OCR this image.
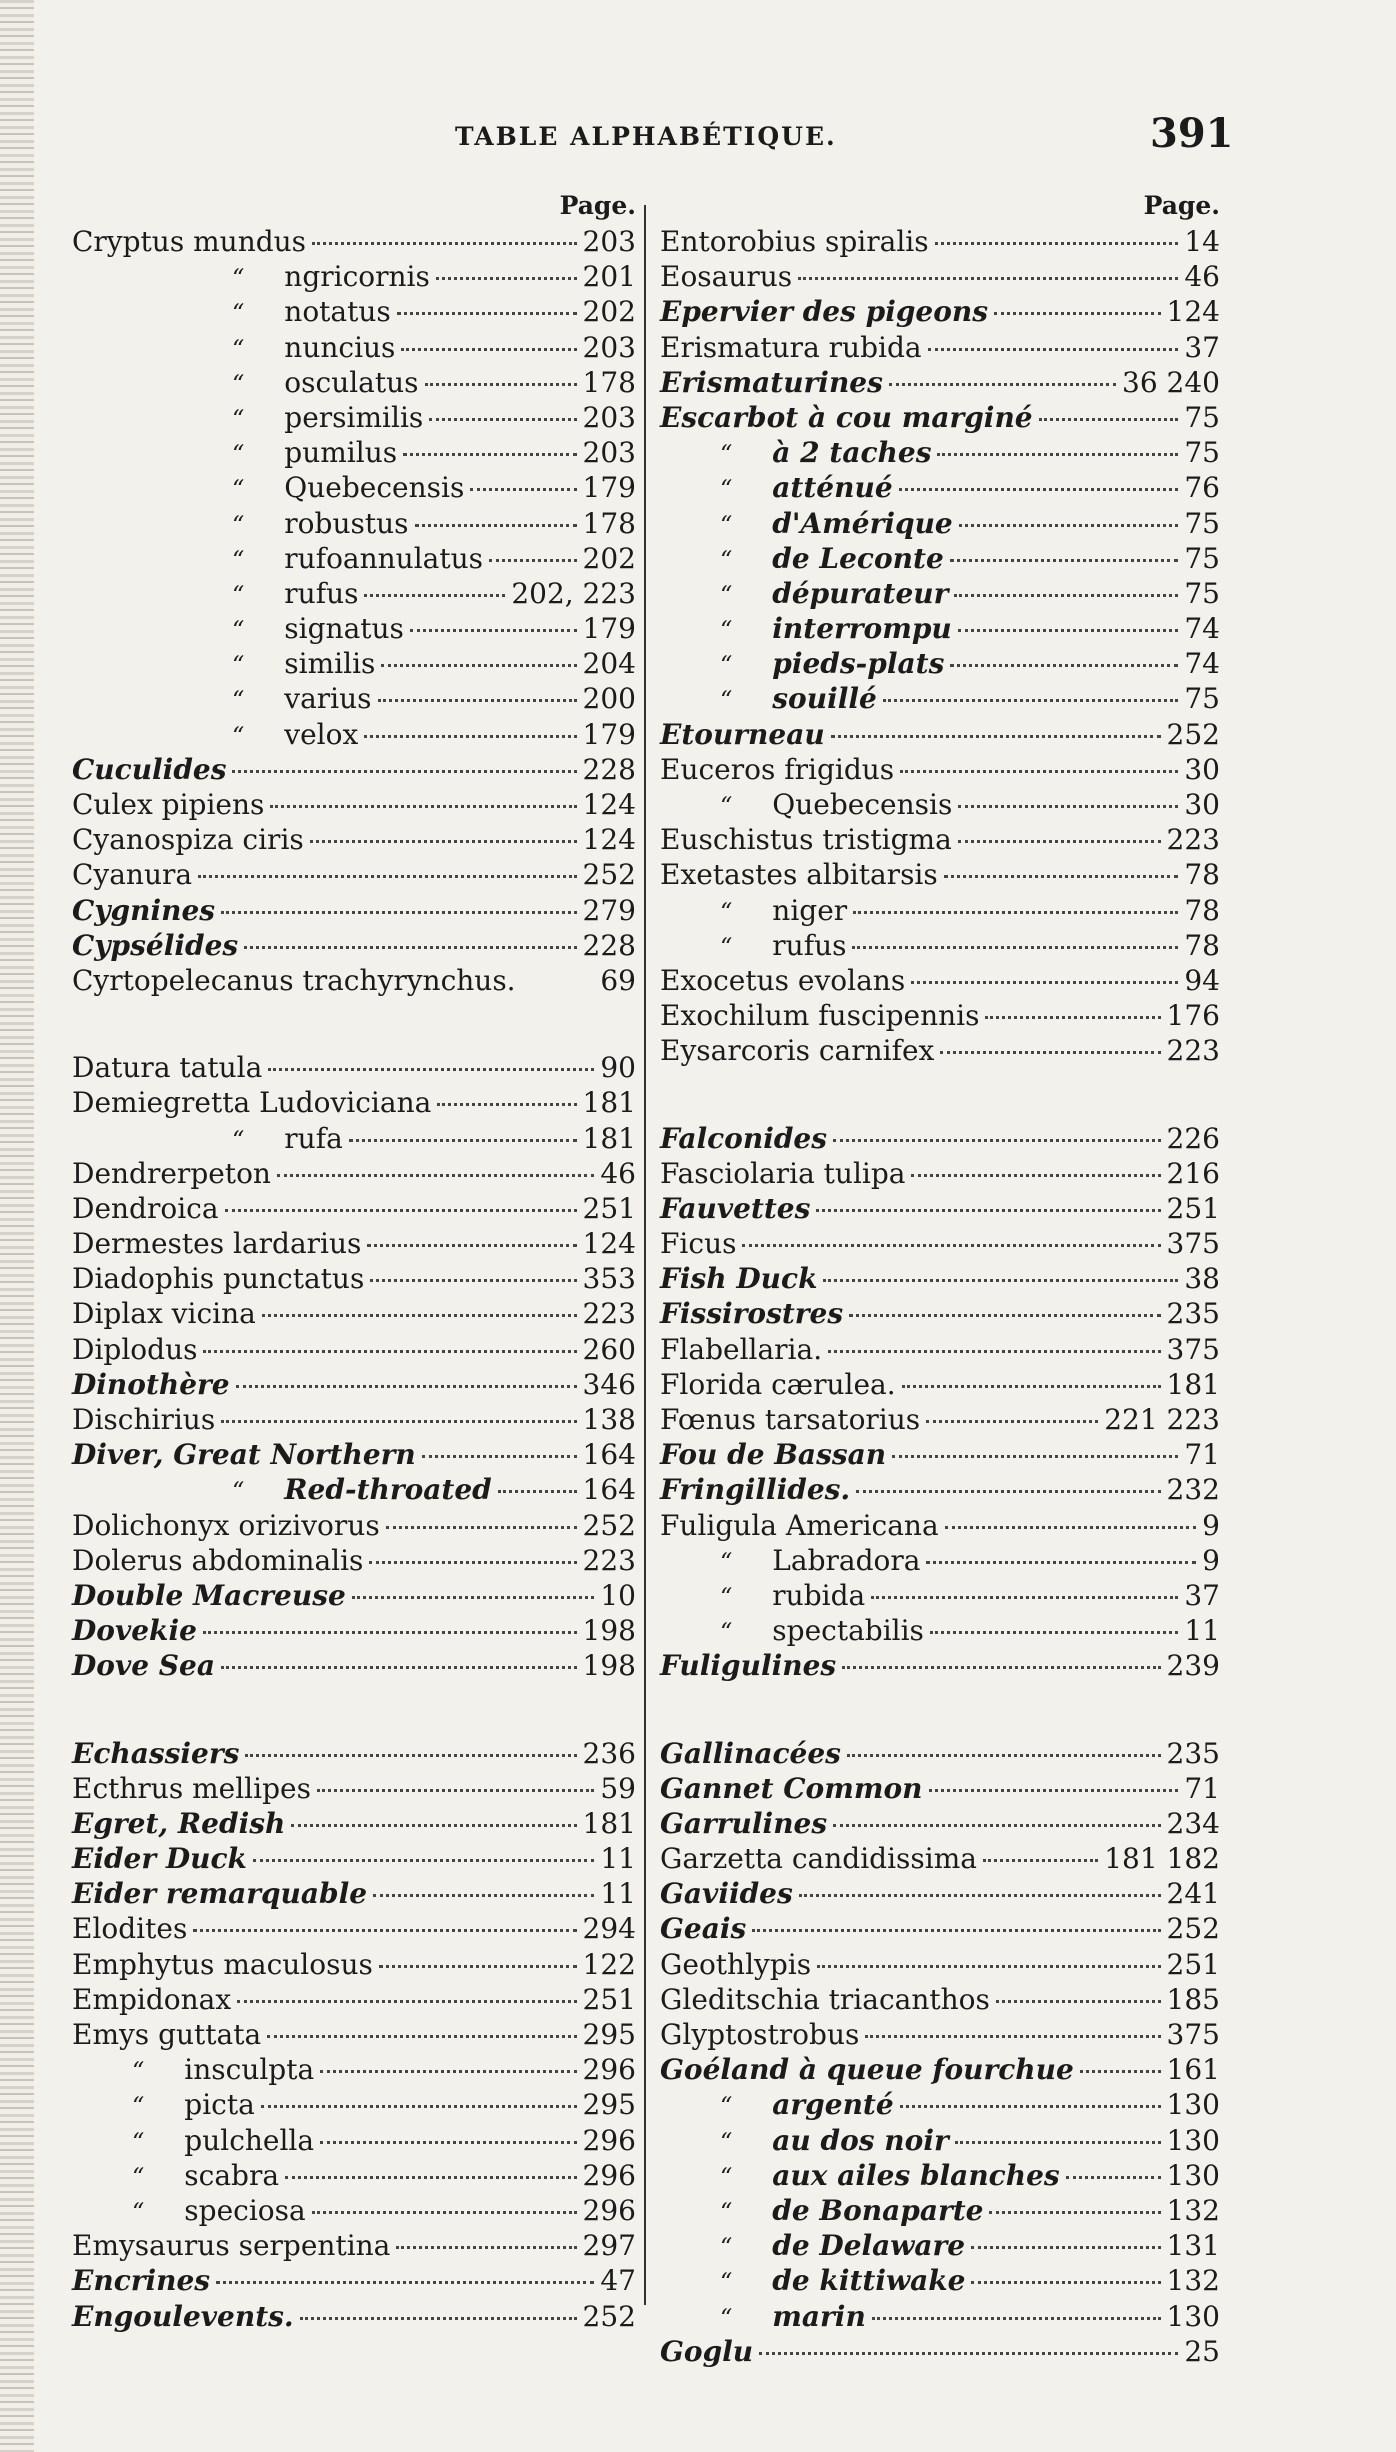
TABLE ALPHABÉTIQUE.	391
Page.
Cryptus mundus	203
“ ngricornis	201
“ notatus	202
“ nuncius	203
“ osculatus	178
“ persimilis	203
“ pumilus	203
“ Quebecensis	179
“ robustus	178
“ rufoannulatus	202
“ rufus	202, 223
“ signatus	179
“ similis	204
“ varius	200
“ velox	179
Cuculides	228
Culex pipiens	124
Cyanospiza ciris	124
Cyanura	252
Cygnines	279
Cypsélides	228
Cyrtopelecanus trachyrynchus.	69
Datura tatula	90
Demiegretta Ludoviciana	181
“ rufa	181
Dendrerpeton	46
Dendroica	251
Dermestes lardarius	124
Diadophis punctatus	353
Diplax vicina	223
Diplodus	260
Dinothère	346
Dischirius	138
Diver, Great Northern	164
“ Red-throated	164
Dolichonyx orizivorus	252
Dolerus abdominalis	223
Double Macreuse	10
Dovekie	198
Dove Sea	198
Echassiers	236
Ecthrus mellipes	59
Egret, Redish	181
Eider Duck	11
Eider remarquable	11
Elodites	294
Emphytus maculosus	122
Empidonax	251
Emys guttata	295
“ insculpta	296
“ picta	295
“ pulchella	296
“ scabra	296
“ speciosa	296
Emysaurus serpentina	297
Encrines	47
Engoulevents.	252
Page.
Entorobius spiralis	14
Eosaurus	46
Epervier des pigeons	124
Erismatura rubida	37
Erismaturines	36 240
Escarbot à cou marginé	75
“ à 2 taches	75
“ atténué	76
“ d'Amérique	75
“ de Leconte	75
“ dépurateur	75
“ interrompu	74
“ pieds-plats	74
“ souillé	75
Etourneau	252
Euceros frigidus	30
“ Quebecensis	30
Euschistus tristigma	223
Exetastes albitarsis	78
“ niger	78
“ rufus	78
Exocetus evolans	94
Exochilum fuscipennis	176
Eysarcoris carnifex	223
Falconides	226
Fasciolaria tulipa	216
Fauvettes	251
Ficus	375
Fish Duck	38
Fissirostres	235
Flabellaria.	375
Florida cærulea.	181
Fœnus tarsatorius	221 223
Fou de Bassan	71
Fringillides.	232
Fuligula Americana	9
“ Labradora	9
“ rubida	37
“ spectabilis	11
Fuligulines	239
Gallinacées	235
Gannet Common	71
Garrulines	234
Garzetta candidissima	181 182
Gaviides	241
Geais	252
Geothlypis	251
Gleditschia triacanthos	185
Glyptostrobus	375
Goéland à queue fourchue	161
“ argenté	130
“ au dos noir	130
“ aux ailes blanches	130
“ de Bonaparte	132
“ de Delaware	131
“ de kittiwake	132
“ marin	130
Goglu	25
